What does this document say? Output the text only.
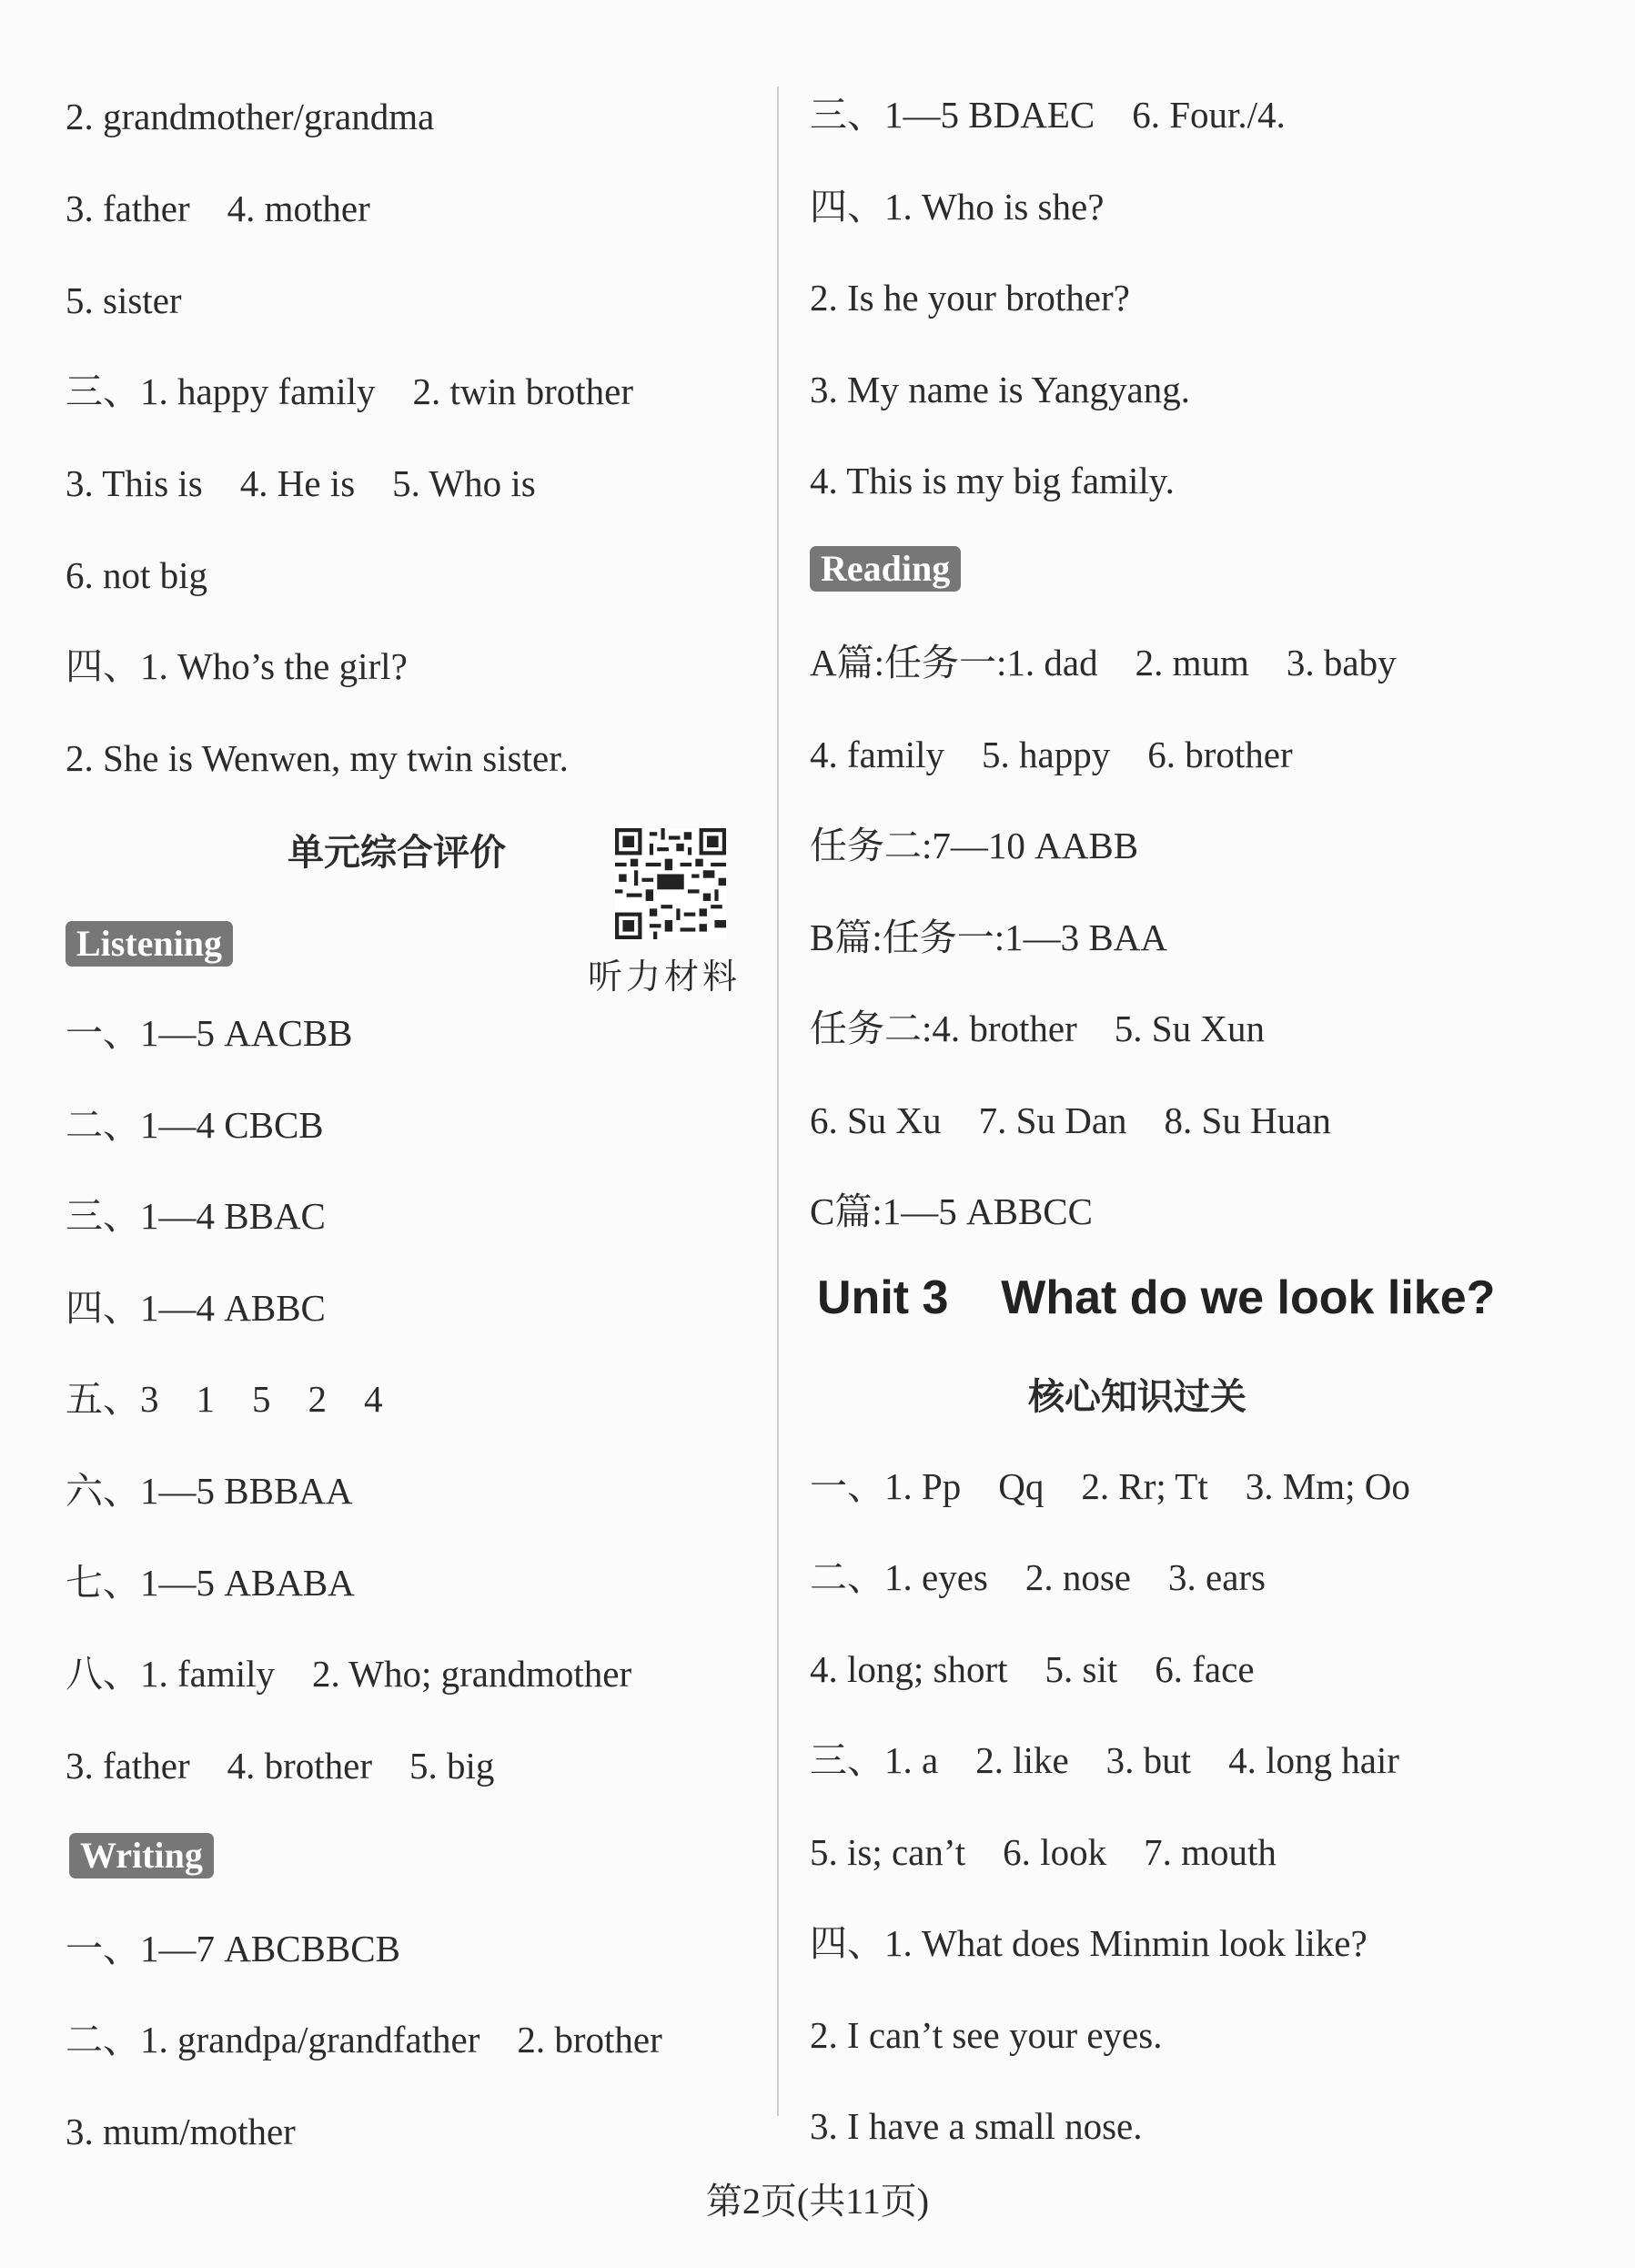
2. grandmother/grandma
3. father    4. mother
5. sister
三、1. happy family    2. twin brother
3. This is    4. He is    5. Who is
6. not big
四、1. Who’s the girl?
2. She is Wenwen, my twin sister.
单元综合评价
听力材料
Listening
一、1—5 AACBB
二、1—4 CBCB
三、1—4 BBAC
四、1—4 ABBC
五、3    1    5    2    4
六、1—5 BBBAA
七、1—5 ABABA
八、1. family    2. Who; grandmother
3. father    4. brother    5. big
Writing
一、1—7 ABCBBCB
二、1. grandpa/grandfather    2. brother
3. mum/mother
三、1—5 BDAEC    6. Four./4.
四、1. Who is she?
2. Is he your brother?
3. My name is Yangyang.
4. This is my big family.
Reading
A篇:任务一:1. dad    2. mum    3. baby
4. family    5. happy    6. brother
任务二:7—10 AABB
B篇:任务一:1—3 BAA
任务二:4. brother    5. Su Xun
6. Su Xu    7. Su Dan    8. Su Huan
C篇:1—5 ABBCC
Unit 3    What do we look like?
核心知识过关
一、1. Pp    Qq    2. Rr; Tt    3. Mm; Oo
二、1. eyes    2. nose    3. ears
4. long; short    5. sit    6. face
三、1. a    2. like    3. but    4. long hair
5. is; can’t    6. look    7. mouth
四、1. What does Minmin look like?
2. I can’t see your eyes.
3. I have a small nose.
第2页(共11页)
